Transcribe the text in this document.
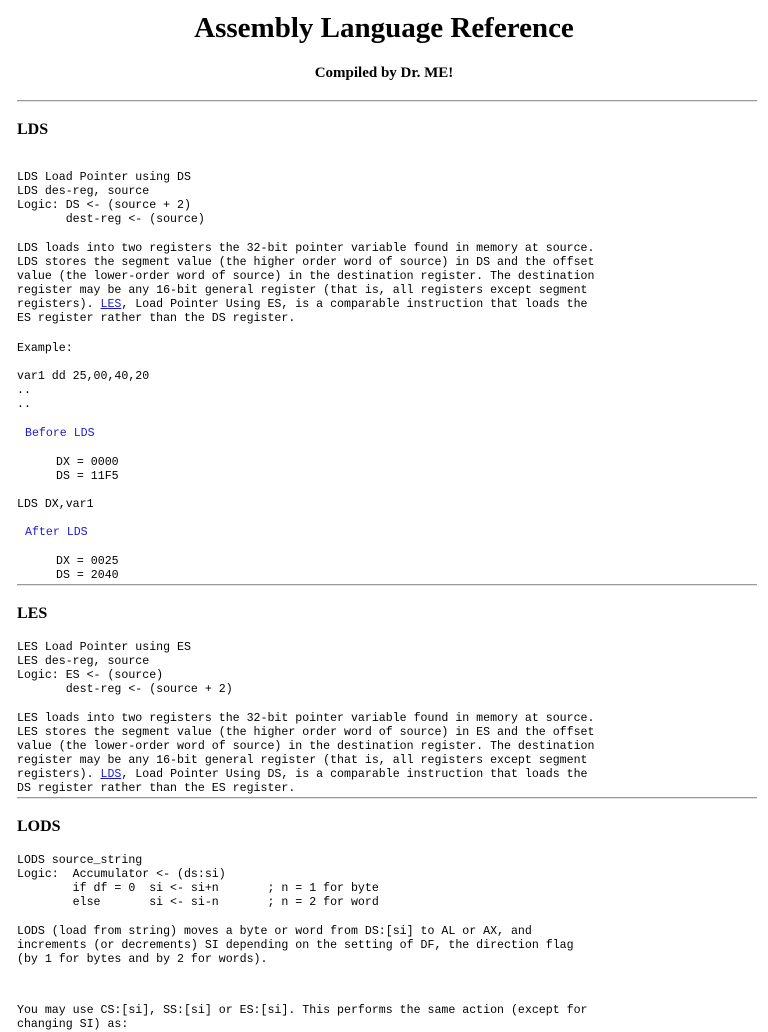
Assembly Language Reference
Compiled by Dr. ME!
LDS
LDS Load Pointer using DS
LDS des-reg, source
Logic: DS <- (source + 2)
dest-reg <- (source)
LDS loads into two registers the 32-bit pointer variable found in memory at source.
LDS stores the segment value (the higher order word of source) in DS and the offset
value (the lower-order word of source) in the destination register. The destination
register may be any 16-bit general register (that is, all registers except segment
registers). LES, Load Pointer Using ES, is a comparable instruction that loads the
ES register rather than the DS register.
Example:
var1 dd 25,00,40,20
..
..
Before LDS
DX = 0000
DS = 11F5
LDS DX,var1
After LDS
DX = 0025
DS = 2040
LES
LES Load Pointer using ES
LES des-reg, source
Logic: ES <- (source)
dest-reg <- (source + 2)
LES loads into two registers the 32-bit pointer variable found in memory at source.
LES stores the segment value (the higher order word of source) in ES and the offset
value (the lower-order word of source) in the destination register. The destination
register may be any 16-bit general register (that is, all registers except segment
registers). LDS, Load Pointer Using DS, is a comparable instruction that loads the
DS register rather than the ES register.
LODS
LODS source_string
Logic:  Accumulator <- (ds:si)
if df = 0  si <- si+n       ; n = 1 for byte
else       si <- si-n       ; n = 2 for word
LODS (load from string) moves a byte or word from DS:[si] to AL or AX, and
increments (or decrements) SI depending on the setting of DF, the direction flag
(by 1 for bytes and by 2 for words).
You may use CS:[si], SS:[si] or ES:[si]. This performs the same action (except for
changing SI) as:
